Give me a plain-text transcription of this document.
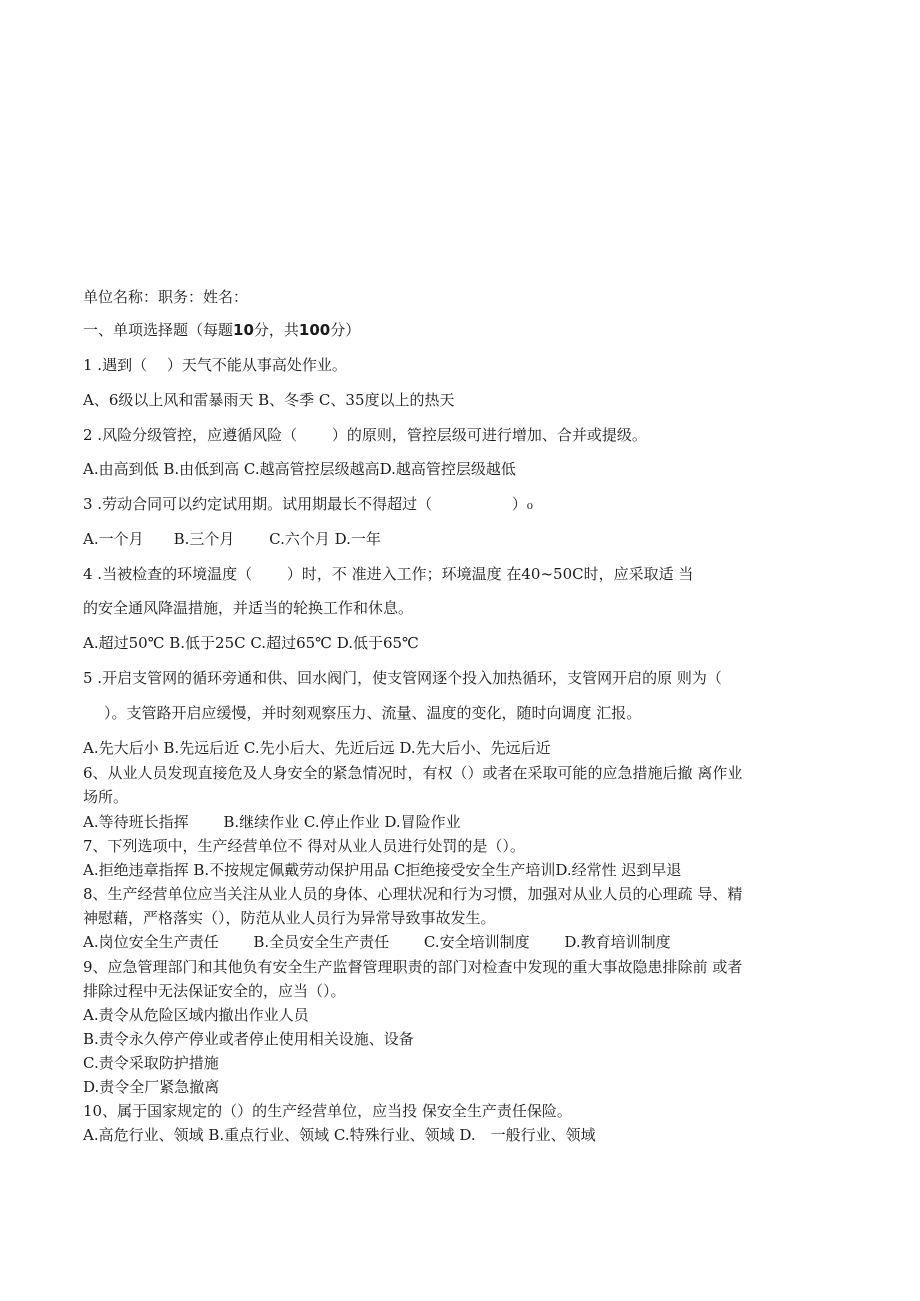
单位名称：职务：姓名：
一、单项选择题（每题10分，共100分）
1 .遇到（　 ）天气不能从事高处作业。
A、6级以上风和雷暴雨天 B、冬季 C、35度以上的热天
2 .风险分级管控，应遵循风险（　　 ）的原则，管控层级可进行增加、合并或提级。
A.由高到低 B.由低到高 C.越高管控层级越高D.越高管控层级越低
3 .劳动合同可以约定试用期。试用期最长不得超过（　　　　　 ）₀
A.一个月　　B.三个月　　 C.六个月 D.一年
4 .当被检查的环境温度（　　 ）时，不 准进入工作；环境温度 在40~50C时，应采取适 当
的安全通风降温措施，并适当的轮换工作和休息。
A.超过50℃ B.低于25C C.超过65℃ D.低于65℃
5 .开启支管网的循环旁通和供、回水阀门，使支管网逐个投入加热循环，支管网开启的原 则为（
）。支管路开启应缓慢，并时刻观察压力、流量、温度的变化，随时向调度 汇报。
A.先大后小 B.先远后近 C.先小后大、先近后远 D.先大后小、先远后近
6、从业人员发现直接危及人身安全的紧急情况时，有权（）或者在采取可能的应急措施后撤 离作业
场所。
A.等待班长指挥　　 B.继续作业 C.停止作业 D.冒险作业
7、下列选项中，生产经营单位不 得对从业人员进行处罚的是（）。
A.拒绝违章指挥 B.不按规定佩戴劳动保护用品 C拒绝接受安全生产培训D.经常性 迟到早退
8、生产经营单位应当关注从业人员的身体、心理状况和行为习惯，加强对从业人员的心理疏 导、精
神慰藉，严格落实（），防范从业人员行为异常导致事故发生。
A.岗位安全生产责任　　 B.全员安全生产责任　　 C.安全培训制度　　 D.教育培训制度
9、应急管理部门和其他负有安全生产监督管理职责的部门对检查中发现的重大事故隐患排除前 或者
排除过程中无法保证安全的，应当（）。
A.责令从危险区域内撤出作业人员
B.责令永久停产停业或者停止使用相关设施、设备
C.责令采取防护措施
D.责令全厂紧急撤离
10、属于国家规定的（）的生产经营单位，应当投 保安全生产责任保险。
A.高危行业、领域 B.重点行业、领域 C.特殊行业、领域 D.　一般行业、领域
